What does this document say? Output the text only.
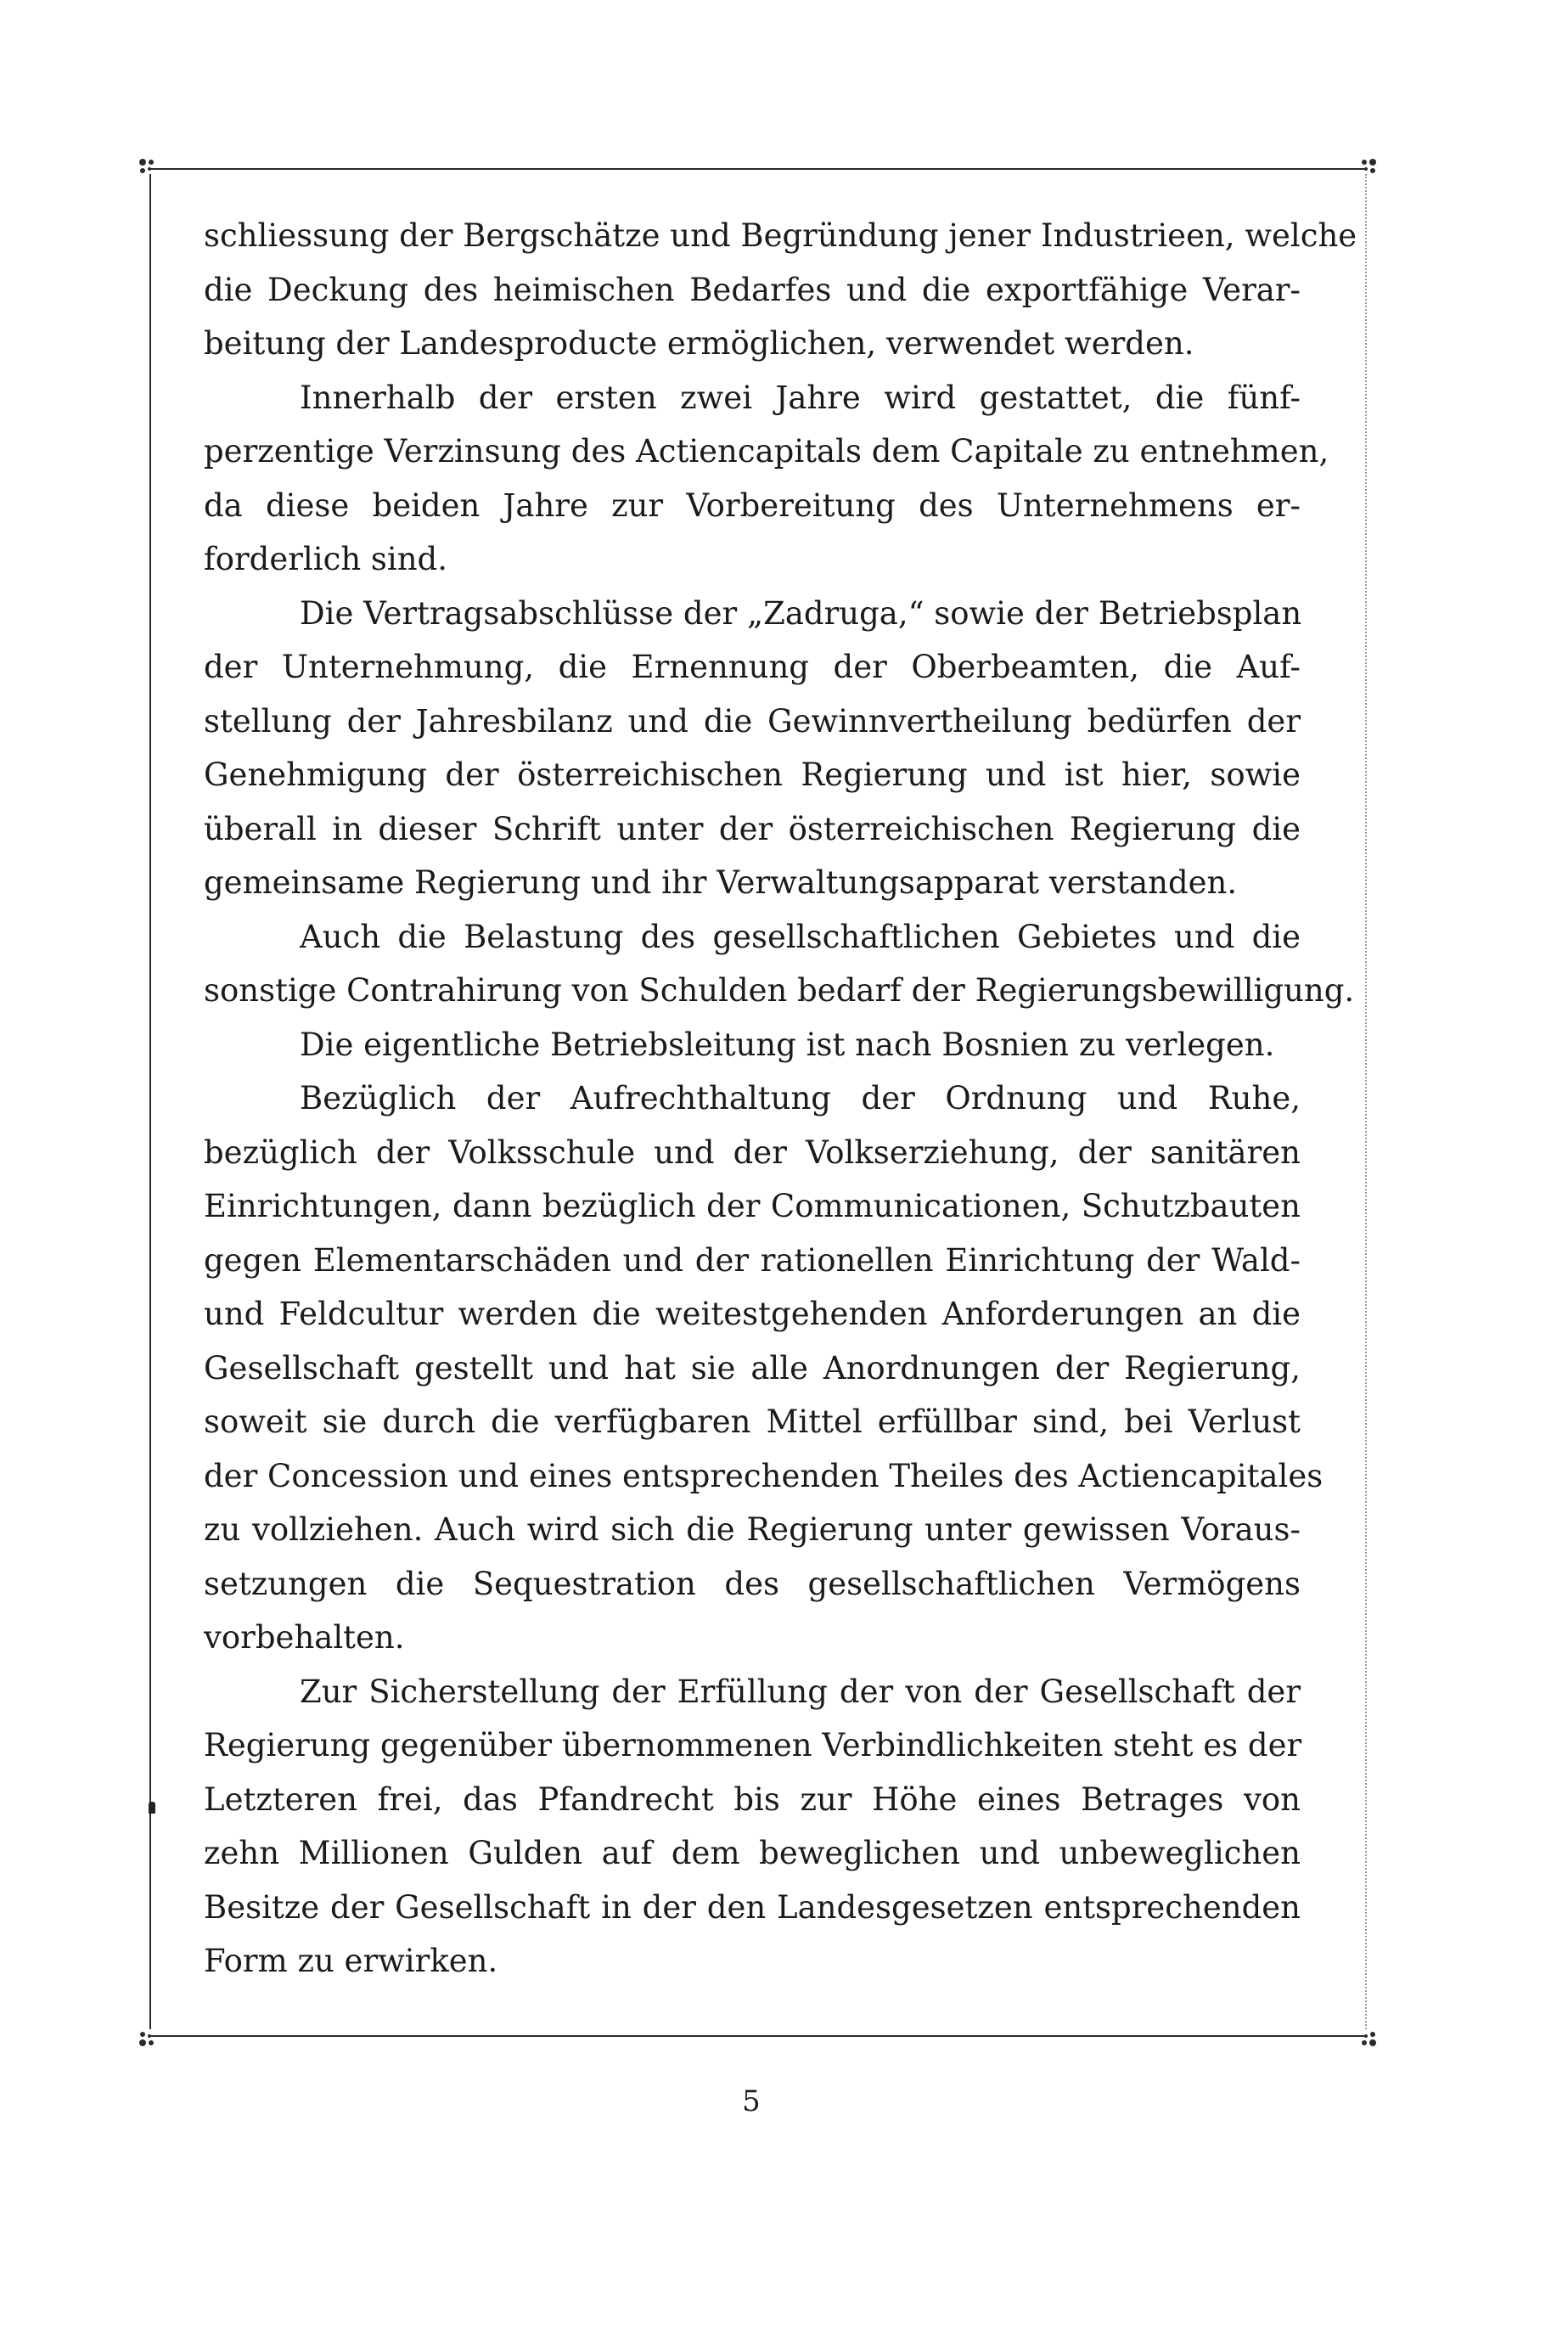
schliessung der Bergschätze und Begründung jener Industrieen, welche
die Deckung des heimischen Bedarfes und die exportfähige Verar-
beitung der Landesproducte ermöglichen, verwendet werden.
Innerhalb der ersten zwei Jahre wird gestattet, die fünf-
perzentige Verzinsung des Actiencapitals dem Capitale zu entnehmen,
da diese beiden Jahre zur Vorbereitung des Unternehmens er-
forderlich sind.
Die Vertragsabschlüsse der „Zadruga,“ sowie der Betriebsplan
der Unternehmung, die Ernennung der Oberbeamten, die Auf-
stellung der Jahresbilanz und die Gewinnvertheilung bedürfen der
Genehmigung der österreichischen Regierung und ist hier, sowie
überall in dieser Schrift unter der österreichischen Regierung die
gemeinsame Regierung und ihr Verwaltungsapparat verstanden.
Auch die Belastung des gesellschaftlichen Gebietes und die
sonstige Contrahirung von Schulden bedarf der Regierungsbewilligung.
Die eigentliche Betriebsleitung ist nach Bosnien zu verlegen.
Bezüglich der Aufrechthaltung der Ordnung und Ruhe,
bezüglich der Volksschule und der Volkserziehung, der sanitären
Einrichtungen, dann bezüglich der Communicationen, Schutzbauten
gegen Elementarschäden und der rationellen Einrichtung der Wald-
und Feldcultur werden die weitestgehenden Anforderungen an die
Gesellschaft gestellt und hat sie alle Anordnungen der Regierung,
soweit sie durch die verfügbaren Mittel erfüllbar sind, bei Verlust
der Concession und eines entsprechenden Theiles des Actiencapitales
zu vollziehen. Auch wird sich die Regierung unter gewissen Voraus-
setzungen die Sequestration des gesellschaftlichen Vermögens
vorbehalten.
Zur Sicherstellung der Erfüllung der von der Gesellschaft der
Regierung gegenüber übernommenen Verbindlichkeiten steht es der
Letzteren frei, das Pfandrecht bis zur Höhe eines Betrages von
zehn Millionen Gulden auf dem beweglichen und unbeweglichen
Besitze der Gesellschaft in der den Landesgesetzen entsprechenden
Form zu erwirken.
5
